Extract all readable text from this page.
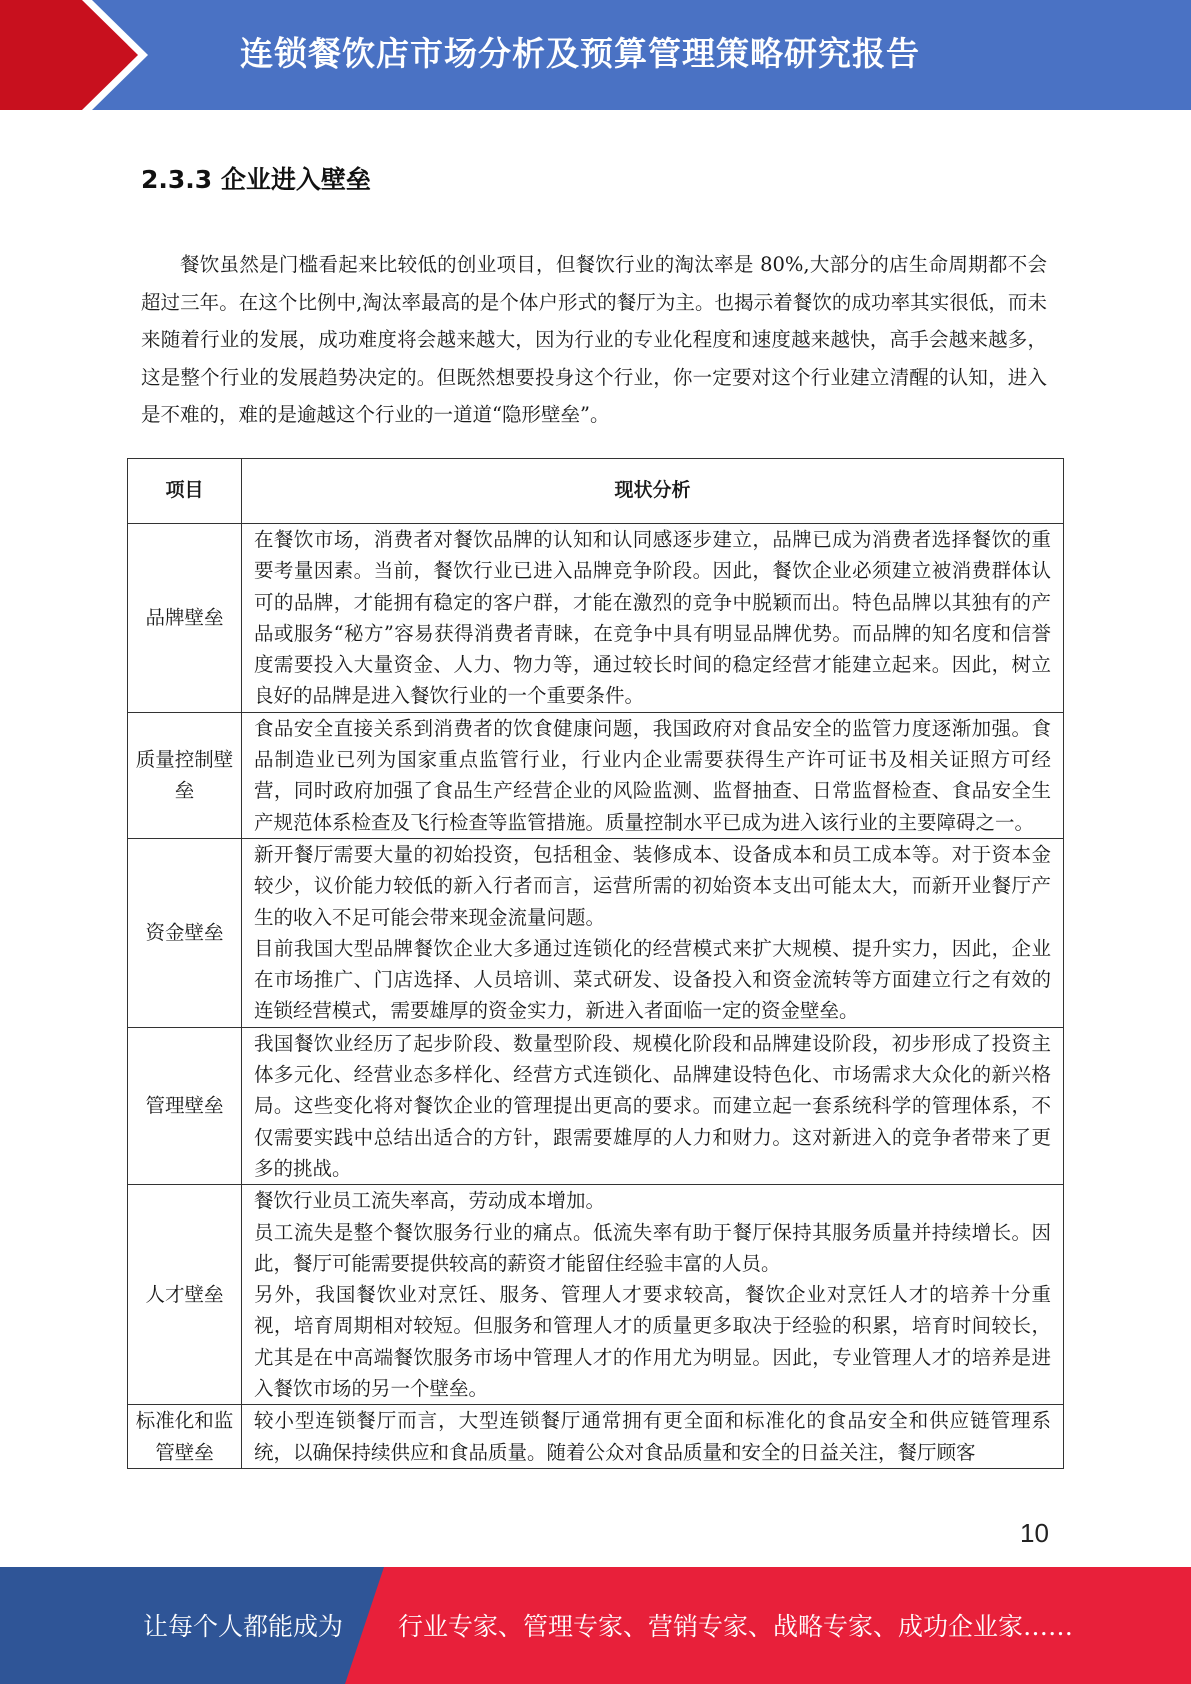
连锁餐饮店市场分析及预算管理策略研究报告
2.3.3 企业进入壁垒
餐饮虽然是门槛看起来比较低的创业项目，但餐饮行业的淘汰率是 80%,大部分的店生命周期都不会超过三年。在这个比例中,淘汰率最高的是个体户形式的餐厅为主。也揭示着餐饮的成功率其实很低，而未来随着行业的发展，成功难度将会越来越大，因为行业的专业化程度和速度越来越快，高手会越来越多，这是整个行业的发展趋势决定的。但既然想要投身这个行业，你一定要对这个行业建立清醒的认知，进入是不难的，难的是逾越这个行业的一道道“隐形壁垒”。
项目	现状分析
品牌壁垒	在餐饮市场，消费者对餐饮品牌的认知和认同感逐步建立，品牌已成为消费者选择餐饮的重要考量因素。当前，餐饮行业已进入品牌竞争阶段。因此，餐饮企业必须建立被消费群体认可的品牌，才能拥有稳定的客户群，才能在激烈的竞争中脱颖而出。特色品牌以其独有的产品或服务“秘方”容易获得消费者青睐，在竞争中具有明显品牌优势。而品牌的知名度和信誉度需要投入大量资金、人力、物力等，通过较长时间的稳定经营才能建立起来。因此，树立良好的品牌是进入餐饮行业的一个重要条件。

质量控制壁垒	食品安全直接关系到消费者的饮食健康问题，我国政府对食品安全的监管力度逐渐加强。食品制造业已列为国家重点监管行业，行业内企业需要获得生产许可证书及相关证照方可经营，同时政府加强了食品生产经营企业的风险监测、监督抽查、日常监督检查、食品安全生产规范体系检查及飞行检查等监管措施。质量控制水平已成为进入该行业的主要障碍之一。

资金壁垒	新开餐厅需要大量的初始投资，包括租金、装修成本、设备成本和员工成本等。对于资本金较少，议价能力较低的新入行者而言，运营所需的初始资本支出可能太大，而新开业餐厅产生的收入不足可能会带来现金流量问题。

目前我国大型品牌餐饮企业大多通过连锁化的经营模式来扩大规模、提升实力，因此，企业在市场推广、门店选择、人员培训、菜式研发、设备投入和资金流转等方面建立行之有效的连锁经营模式，需要雄厚的资金实力，新进入者面临一定的资金壁垒。

管理壁垒	我国餐饮业经历了起步阶段、数量型阶段、规模化阶段和品牌建设阶段，初步形成了投资主体多元化、经营业态多样化、经营方式连锁化、品牌建设特色化、市场需求大众化的新兴格局。这些变化将对餐饮企业的管理提出更高的要求。而建立起一套系统科学的管理体系，不仅需要实践中总结出适合的方针，跟需要雄厚的人力和财力。这对新进入的竞争者带来了更多的挑战。

人才壁垒	餐饮行业员工流失率高，劳动成本增加。

员工流失是整个餐饮服务行业的痛点。低流失率有助于餐厅保持其服务质量并持续增长。因此，餐厅可能需要提供较高的薪资才能留住经验丰富的人员。

另外，我国餐饮业对烹饪、服务、管理人才要求较高，餐饮企业对烹饪人才的培养十分重视，培育周期相对较短。但服务和管理人才的质量更多取决于经验的积累，培育时间较长，尤其是在中高端餐饮服务市场中管理人才的作用尤为明显。因此，专业管理人才的培养是进入餐饮市场的另一个壁垒。

标准化和监管壁垒	较小型连锁餐厅而言，大型连锁餐厅通常拥有更全面和标准化的食品安全和供应链管理系统，以确保持续供应和食品质量。随着公众对食品质量和安全的日益关注，餐厅顾客

10
让每个人都能成为 行业专家、管理专家、营销专家、战略专家、成功企业家……
